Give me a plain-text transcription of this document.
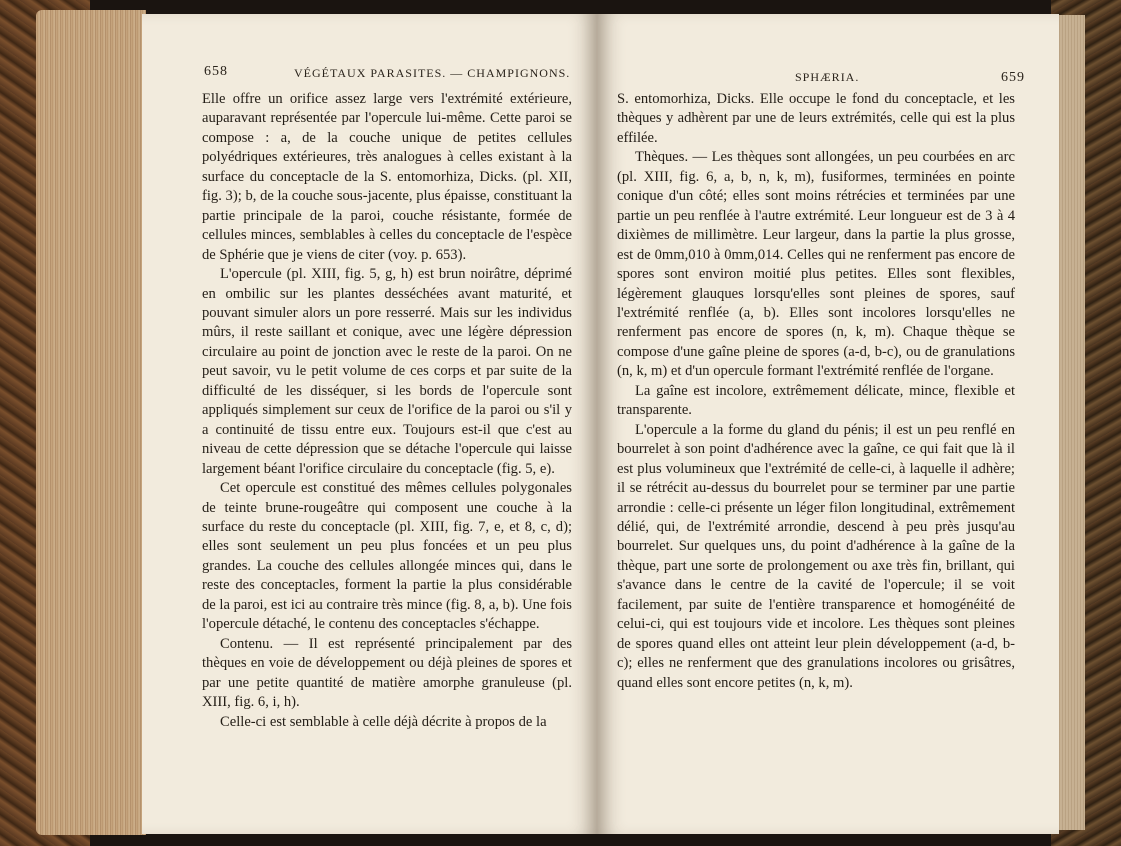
658	VÉGÉTAUX PARASITES. — CHAMPIGNONS.

Elle offre un orifice assez large vers l'extrémité extérieure, auparavant représentée par l'opercule lui-même. Cette paroi se compose : a, de la couche unique de petites cellules polyédriques extérieures, très analogues à celles existant à la surface du conceptacle de la S. entomorhiza, Dicks. (pl. XII, fig. 3); b, de la couche sous-jacente, plus épaisse, constituant la partie principale de la paroi, couche résistante, formée de cellules minces, semblables à celles du conceptacle de l'espèce de Sphérie que je viens de citer (voy. p. 653).

L'opercule (pl. XIII, fig. 5, g, h) est brun noirâtre, déprimé en ombilic sur les plantes desséchées avant maturité, et pouvant simuler alors un pore resserré. Mais sur les individus mûrs, il reste saillant et conique, avec une légère dépression circulaire au point de jonction avec le reste de la paroi. On ne peut savoir, vu le petit volume de ces corps et par suite de la difficulté de les disséquer, si les bords de l'opercule sont appliqués simplement sur ceux de l'orifice de la paroi ou s'il y a continuité de tissu entre eux. Toujours est-il que c'est au niveau de cette dépression que se détache l'opercule qui laisse largement béant l'orifice circulaire du conceptacle (fig. 5, e).

Cet opercule est constitué des mêmes cellules polygonales de teinte brune-rougeâtre qui composent une couche à la surface du reste du conceptacle (pl. XIII, fig. 7, e, et 8, c, d); elles sont seulement un peu plus foncées et un peu plus grandes. La couche des cellules allongée minces qui, dans le reste des conceptacles, forment la partie la plus considérable de la paroi, est ici au contraire très mince (fig. 8, a, b). Une fois l'opercule détaché, le contenu des conceptacles s'échappe.

Contenu. — Il est représenté principalement par des thèques en voie de développement ou déjà pleines de spores et par une petite quantité de matière amorphe granuleuse (pl. XIII, fig. 6, i, h).

Celle-ci est semblable à celle déjà décrite à propos de la

SPHÆRIA.	659

S. entomorhiza, Dicks. Elle occupe le fond du conceptacle, et les thèques y adhèrent par une de leurs extrémités, celle qui est la plus effilée.

Thèques. — Les thèques sont allongées, un peu courbées en arc (pl. XIII, fig. 6, a, b, n, k, m), fusiformes, terminées en pointe conique d'un côté; elles sont moins rétrécies et terminées par une partie un peu renflée à l'autre extrémité. Leur longueur est de 3 à 4 dixièmes de millimètre. Leur largeur, dans la partie la plus grosse, est de 0mm,010 à 0mm,014. Celles qui ne renferment pas encore de spores sont environ moitié plus petites. Elles sont flexibles, légèrement glauques lorsqu'elles sont pleines de spores, sauf l'extrémité renflée (a, b). Elles sont incolores lorsqu'elles ne renferment pas encore de spores (n, k, m). Chaque thèque se compose d'une gaîne pleine de spores (a-d, b-c), ou de granulations (n, k, m) et d'un opercule formant l'extrémité renflée de l'organe.

La gaîne est incolore, extrêmement délicate, mince, flexible et transparente.

L'opercule a la forme du gland du pénis; il est un peu renflé en bourrelet à son point d'adhérence avec la gaîne, ce qui fait que là il est plus volumineux que l'extrémité de celle-ci, à laquelle il adhère; il se rétrécit au-dessus du bourrelet pour se terminer par une partie arrondie : celle-ci présente un léger filon longitudinal, extrêmement délié, qui, de l'extrémité arrondie, descend à peu près jusqu'au bourrelet. Sur quelques uns, du point d'adhérence à la gaîne de la thèque, part une sorte de prolongement ou axe très fin, brillant, qui s'avance dans le centre de la cavité de l'opercule; il se voit facilement, par suite de l'entière transparence et homogénéité de celui-ci, qui est toujours vide et incolore. Les thèques sont pleines de spores quand elles ont atteint leur plein développement (a-d, b-c); elles ne renferment que des granulations incolores ou grisâtres, quand elles sont encore petites (n, k, m).
